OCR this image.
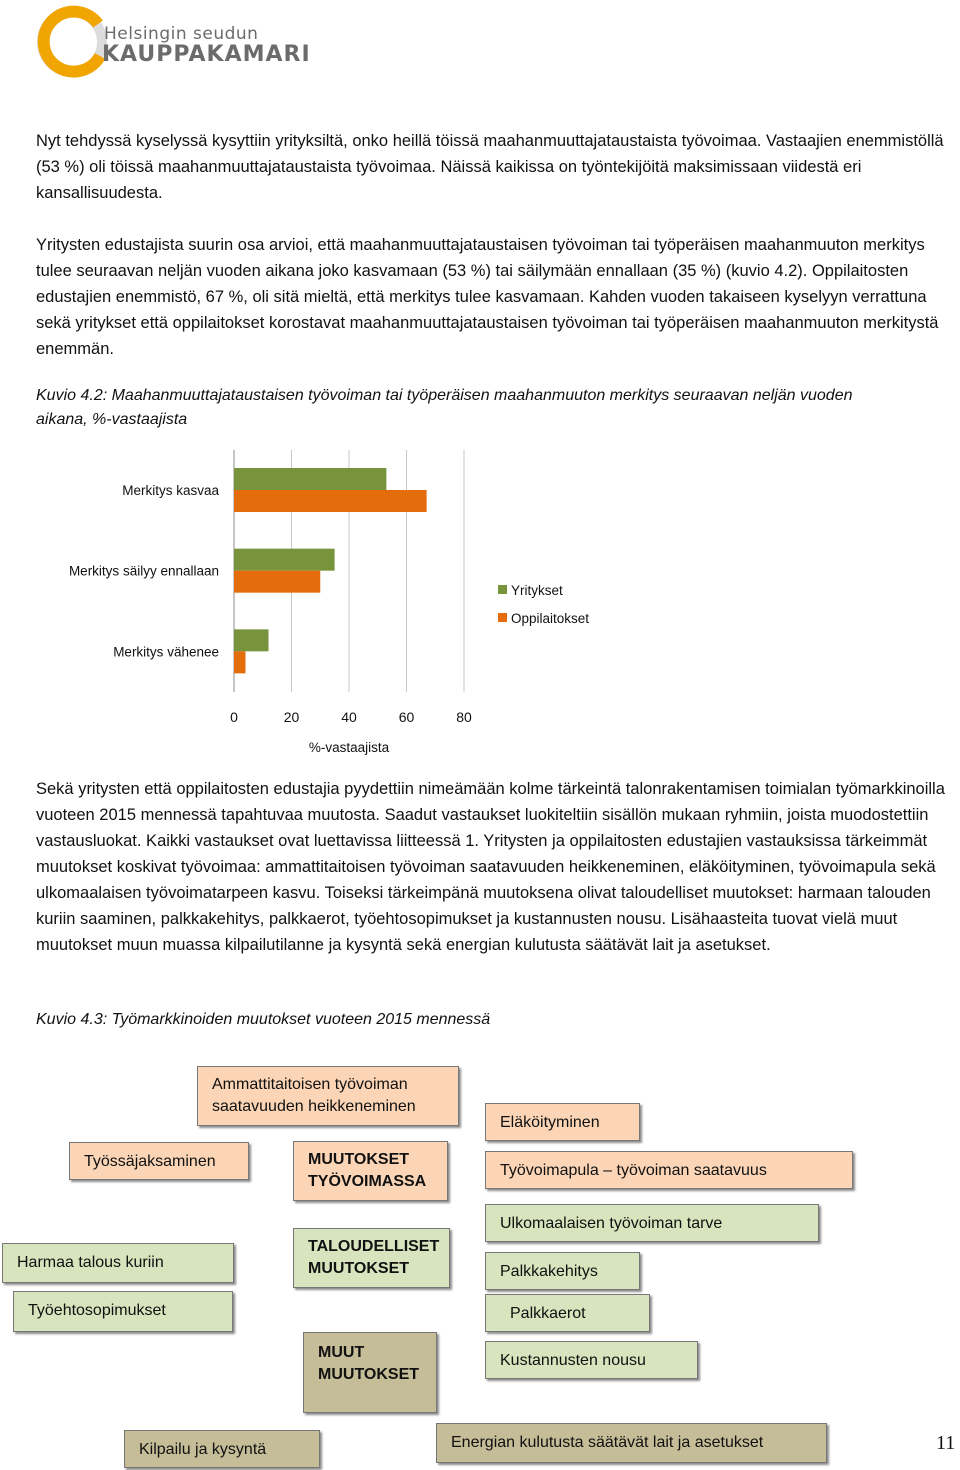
Helsingin seudun
KAUPPAKAMARI

Nyt tehdyssä kyselyssä kysyttiin yrityksiltä, onko heillä töissä maahanmuuttajataustaista työvoimaa. Vastaajien enemmistöllä (53 %) oli töissä maahanmuuttajataustaista työvoimaa. Näissä kaikissa on työntekijöitä maksimissaan viidestä eri kansallisuudesta.

Yritysten edustajista suurin osa arvioi, että maahanmuuttajataustaisen työvoiman tai työperäisen maahanmuuton merkitys tulee seuraavan neljän vuoden aikana joko kasvamaan (53 %) tai säilymään ennallaan (35 %) (kuvio 4.2). Oppilaitosten edustajien enemmistö, 67 %, oli sitä mieltä, että merkitys tulee kasvamaan. Kahden vuoden takaiseen kyselyyn verrattuna sekä yritykset että oppilaitokset korostavat maahanmuuttajataustaisen työvoiman tai työperäisen maahanmuuton merkitystä enemmän.

Kuvio 4.2: Maahanmuuttajataustaisen työvoiman tai työperäisen maahanmuuton merkitys seuraavan neljän vuoden aikana, %-vastaajista

Merkitys kasvaa
Merkitys säilyy ennallaan
Merkitys vähenee
0	20	40	60	80
%-vastaajista
Yritykset
Oppilaitokset

Sekä yritysten että oppilaitosten edustajia pyydettiin nimeämään kolme tärkeintä talonrakentamisen toimialan työmarkkinoilla vuoteen 2015 mennessä tapahtuvaa muutosta. Saadut vastaukset luokiteltiin sisällön mukaan ryhmiin, joista muodostettiin vastausluokat. Kaikki vastaukset ovat luettavissa liitteessä 1. Yritysten ja oppilaitosten edustajien vastauksissa tärkeimmät muutokset koskivat työvoimaa: ammattitaitoisen työvoiman saatavuuden heikkeneminen, eläköityminen, työvoimapula sekä ulkomaalaisen työvoimatarpeen kasvu. Toiseksi tärkeimpänä muutoksena olivat taloudelliset muutokset: harmaan talouden kuriin saaminen, palkkakehitys, palkkaerot, työehtosopimukset ja kustannusten nousu. Lisähaasteita tuovat vielä muut muutokset muun muassa kilpailutilanne ja kysyntä sekä energian kulutusta säätävät lait ja asetukset.

Kuvio 4.3: Työmarkkinoiden muutokset vuoteen 2015 mennessä

Ammattitaitoisen työvoiman saatavuuden heikkeneminen
Eläköityminen
Työssäjaksaminen	MUUTOKSET TYÖVOIMASSA
Työvoimapula – työvoiman saatavuus
Ulkomaalaisen työvoiman tarve
TALOUDELLISET MUUTOKSET
Harmaa talous kuriin
Palkkakehitys
Työehtosopimukset	Palkkaerot
MUUT MUUTOKSET
Kustannusten nousu
Energian kulutusta säätävät lait ja asetukset
Kilpailu ja kysyntä	11
